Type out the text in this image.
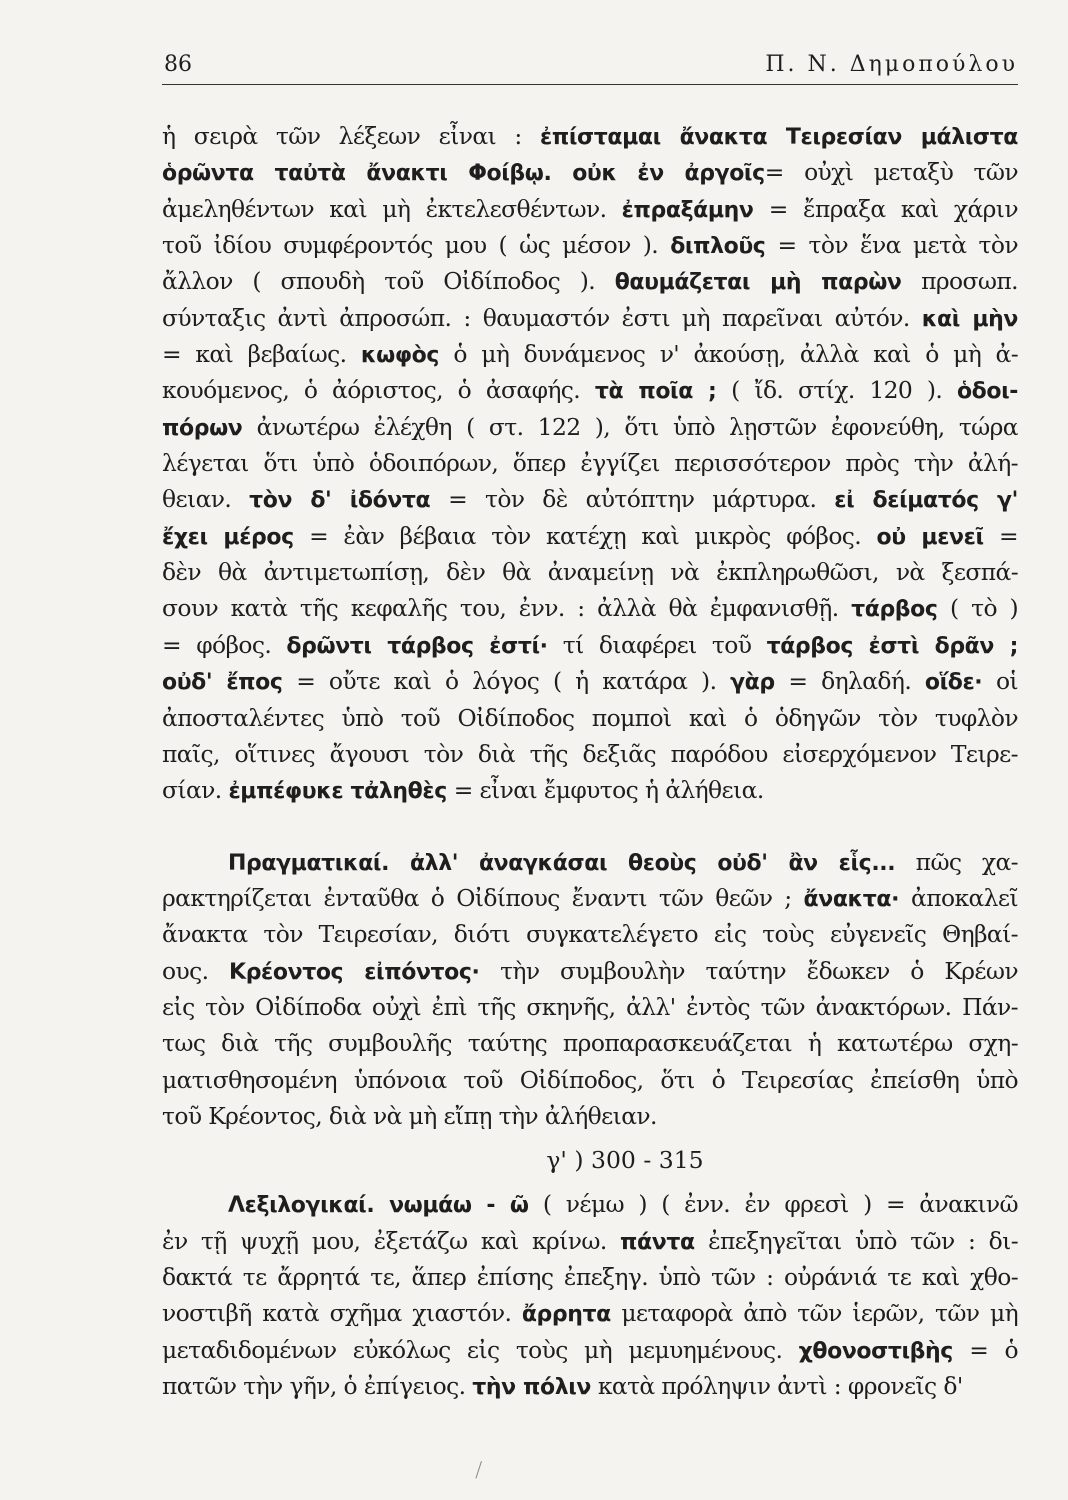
86	Π. Ν. Δημοπούλου
ἡ σειρὰ τῶν λέξεων εἶναι : ἐπίσταμαι ἄνακτα Τειρεσίαν μάλιστα
ὁρῶντα ταὐτὰ ἄνακτι Φοίβῳ. οὐκ ἐν ἀργοῖς= οὐχὶ μεταξὺ τῶν
ἀμεληθέντων καὶ μὴ ἐκτελεσθέντων. ἐπραξάμην = ἔπραξα καὶ χάριν
τοῦ ἰδίου συμφέροντός μου ( ὡς μέσον ). διπλοῦς = τὸν ἕνα μετὰ τὸν
ἄλλον ( σπουδὴ τοῦ Οἰδίποδος ). θαυμάζεται μὴ παρὼν προσωπ.
σύνταξις ἀντὶ ἀπροσώπ. : θαυμαστόν ἐστι μὴ παρεῖναι αὐτόν. καὶ μὴν
= καὶ βεβαίως. κωφὸς ὁ μὴ δυνάμενος ν' ἀκούσῃ, ἀλλὰ καὶ ὁ μὴ ἀ-
κουόμενος, ὁ ἀόριστος, ὁ ἀσαφής. τὰ ποῖα ; ( ἴδ. στίχ. 120 ). ὁδοι-
πόρων ἀνωτέρω ἐλέχθη ( στ. 122 ), ὅτι ὑπὸ λῃστῶν ἐφονεύθη, τώρα
λέγεται ὅτι ὑπὸ ὁδοιπόρων, ὅπερ ἐγγίζει περισσότερον πρὸς τὴν ἀλή-
θειαν. τὸν δ' ἰδόντα = τὸν δὲ αὐτόπτην μάρτυρα. εἰ δείματός γ'
ἔχει μέρος = ἐὰν βέβαια τὸν κατέχῃ καὶ μικρὸς φόβος. οὐ μενεῖ =
δὲν θὰ ἀντιμετωπίσῃ, δὲν θὰ ἀναμείνῃ νὰ ἐκπληρωθῶσι, νὰ ξεσπά-
σουν κατὰ τῆς κεφαλῆς του, ἐνν. : ἀλλὰ θὰ ἐμφανισθῇ. τάρβος ( τὸ )
= φόβος. δρῶντι τάρβος ἐστί· τί διαφέρει τοῦ τάρβος ἐστὶ δρᾶν ;
οὐδ' ἔπος = οὔτε καὶ ὁ λόγος ( ἡ κατάρα ). γὰρ = δηλαδή. οἵδε· οἱ
ἀποσταλέντες ὑπὸ τοῦ Οἰδίποδος πομποὶ καὶ ὁ ὁδηγῶν τὸν τυφλὸν
παῖς, οἵτινες ἄγουσι τὸν διὰ τῆς δεξιᾶς παρόδου εἰσερχόμενον Τειρε-
σίαν. ἐμπέφυκε τἀληθὲς = εἶναι ἔμφυτος ἡ ἀλήθεια.
Πραγματικαί. ἀλλ' ἀναγκάσαι θεοὺς οὐδ' ἂν εἷς... πῶς χα-
ρακτηρίζεται ἐνταῦθα ὁ Οἰδίπους ἔναντι τῶν θεῶν ; ἄνακτα· ἀποκαλεῖ
ἄνακτα τὸν Τειρεσίαν, διότι συγκατελέγετο εἰς τοὺς εὐγενεῖς Θηβαί-
ους. Κρέοντος εἰπόντος· τὴν συμβουλὴν ταύτην ἔδωκεν ὁ Κρέων
εἰς τὸν Οἰδίποδα οὐχὶ ἐπὶ τῆς σκηνῆς, ἀλλ' ἐντὸς τῶν ἀνακτόρων. Πάν-
τως διὰ τῆς συμβουλῆς ταύτης προπαρασκευάζεται ἡ κατωτέρω σχη-
ματισθησομένη ὑπόνοια τοῦ Οἰδίποδος, ὅτι ὁ Τειρεσίας ἐπείσθη ὑπὸ
τοῦ Κρέοντος, διὰ νὰ μὴ εἴπῃ τὴν ἀλήθειαν.
γ' ) 300 - 315
Λεξιλογικαί. νωμάω - ῶ ( νέμω ) ( ἐνν. ἐν φρεσὶ ) = ἀνακινῶ
ἐν τῇ ψυχῇ μου, ἐξετάζω καὶ κρίνω. πάντα ἐπεξηγεῖται ὑπὸ τῶν : δι-
δακτά τε ἄρρητά τε, ἅπερ ἐπίσης ἐπεξηγ. ὑπὸ τῶν : οὐράνιά τε καὶ χθο-
νοστιβῆ κατὰ σχῆμα χιαστόν. ἄρρητα μεταφορὰ ἀπὸ τῶν ἱερῶν, τῶν μὴ
μεταδιδομένων εὐκόλως εἰς τοὺς μὴ μεμυημένους. χθονοστιβὴς = ὁ
πατῶν τὴν γῆν, ὁ ἐπίγειος. τὴν πόλιν κατὰ πρόληψιν ἀντὶ : φρονεῖς δ'
